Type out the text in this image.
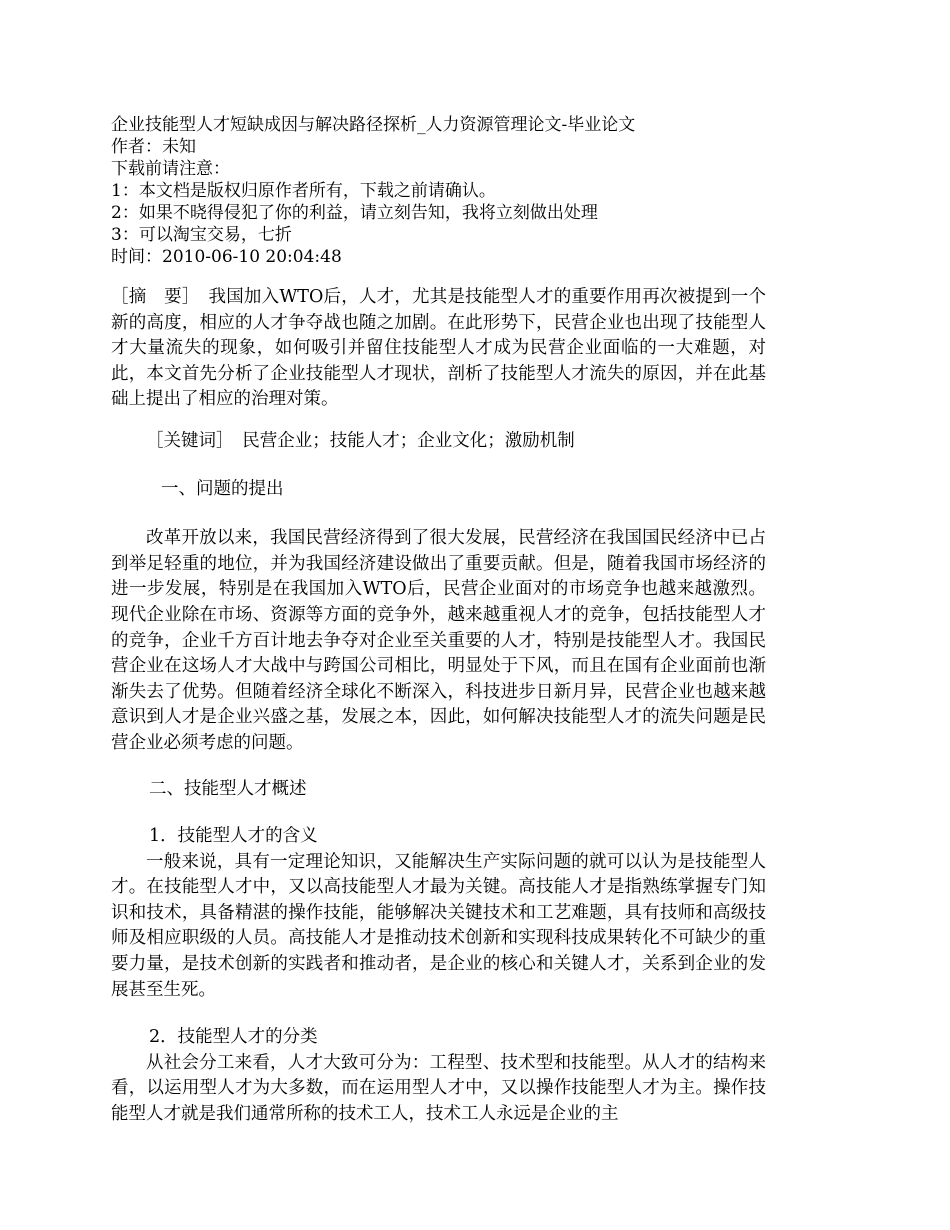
企业技能型人才短缺成因与解决路径探析_人力资源管理论文-毕业论文
作者：未知
下载前请注意：
1：本文档是版权归原作者所有，下载之前请确认。
2：如果不晓得侵犯了你的利益，请立刻告知，我将立刻做出处理
3：可以淘宝交易，七折
时间：2010-06-10 20:04:48

［摘　要］　我国加入WTO后，人才，尤其是技能型人才的重要作用再次被提到一个新的高度，相应的人才争夺战也随之加剧。在此形势下，民营企业也出现了技能型人才大量流失的现象，如何吸引并留住技能型人才成为民营企业面临的一大难题，对此，本文首先分析了企业技能型人才现状，剖析了技能型人才流失的原因，并在此基础上提出了相应的治理对策。

［关键词］　民营企业；技能人才；企业文化；激励机制

一、问题的提出

改革开放以来，我国民营经济得到了很大发展，民营经济在我国国民经济中已占到举足轻重的地位，并为我国经济建设做出了重要贡献。但是，随着我国市场经济的进一步发展，特别是在我国加入WTO后，民营企业面对的市场竞争也越来越激烈。现代企业除在市场、资源等方面的竞争外，越来越重视人才的竞争，包括技能型人才的竞争，企业千方百计地去争夺对企业至关重要的人才，特别是技能型人才。我国民营企业在这场人才大战中与跨国公司相比，明显处于下风，而且在国有企业面前也渐渐失去了优势。但随着经济全球化不断深入，科技进步日新月异，民营企业也越来越意识到人才是企业兴盛之基，发展之本，因此，如何解决技能型人才的流失问题是民营企业必须考虑的问题。

二、技能型人才概述

1．技能型人才的含义

一般来说，具有一定理论知识，又能解决生产实际问题的就可以认为是技能型人才。在技能型人才中，又以高技能型人才最为关键。高技能人才是指熟练掌握专门知识和技术，具备精湛的操作技能，能够解决关键技术和工艺难题，具有技师和高级技师及相应职级的人员。高技能人才是推动技术创新和实现科技成果转化不可缺少的重要力量，是技术创新的实践者和推动者，是企业的核心和关键人才，关系到企业的发展甚至生死。

2．技能型人才的分类

从社会分工来看，人才大致可分为：工程型、技术型和技能型。从人才的结构来看，以运用型人才为大多数，而在运用型人才中，又以操作技能型人才为主。操作技能型人才就是我们通常所称的技术工人，技术工人永远是企业的主
